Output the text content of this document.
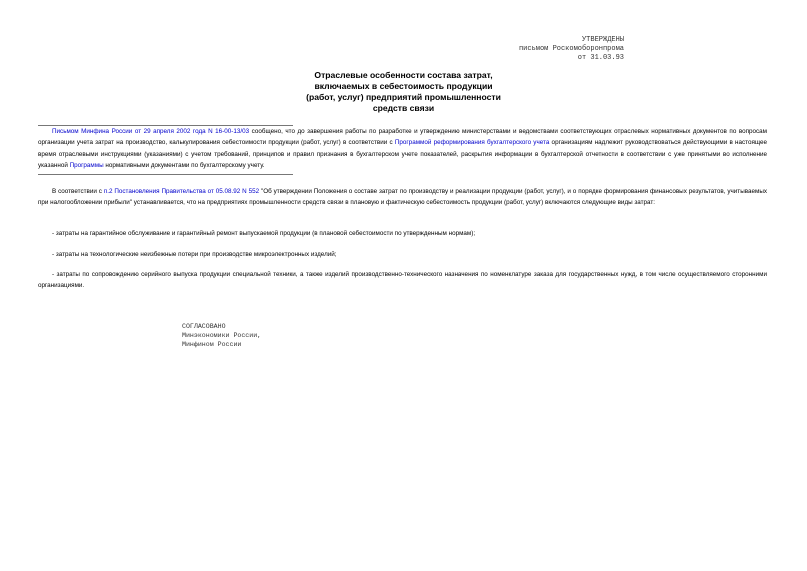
УТВЕРЖДЕНЫ
письмом Роскомоборонпрома
от 31.03.93
Отраслевые особенности состава затрат,
включаемых в себестоимость продукции
(работ, услуг) предприятий промышленности
средств связи
Письмом Минфина России от 29 апреля 2002 года N 16-00-13/03 сообщено, что до завершения работы по разработке и утверждению министерствами и ведомствами соответствующих отраслевых нормативных документов по вопросам организации учета затрат на производство, калькулирования себестоимости продукции (работ, услуг) в соответствии с Программой реформирования бухгалтерского учета организациям надлежит руководствоваться действующими в настоящее время отраслевыми инструкциями (указаниями) с учетом требований, принципов и правил признания в бухгалтерском учете показателей, раскрытия информации в бухгалтерской отчетности в соответствии с уже принятыми во исполнение указанной Программы нормативными документами по бухгалтерскому учету.
В соответствии с п.2 Постановления Правительства от 05.08.92 N 552 "Об утверждении Положения о составе затрат по производству и реализации продукции (работ, услуг), и о порядке формирования финансовых результатов, учитываемых при налогообложении прибыли" устанавливается, что на предприятиях промышленности средств связи в плановую и фактическую себестоимость продукции (работ, услуг) включаются следующие виды затрат:
- затраты на гарантийное обслуживание и гарантийный ремонт выпускаемой продукции (в плановой себестоимости по утвержденным нормам);
- затраты на технологические неизбежные потери при производстве микроэлектронных изделий;
- затраты по сопровождению серийного выпуска продукции специальной техники, а также изделий производственно-технического назначения по номенклатуре заказа для государственных нужд, в том числе осуществляемого сторонними организациями.
СОГЛАСОВАНО
Минэкономики России,
Минфином России
